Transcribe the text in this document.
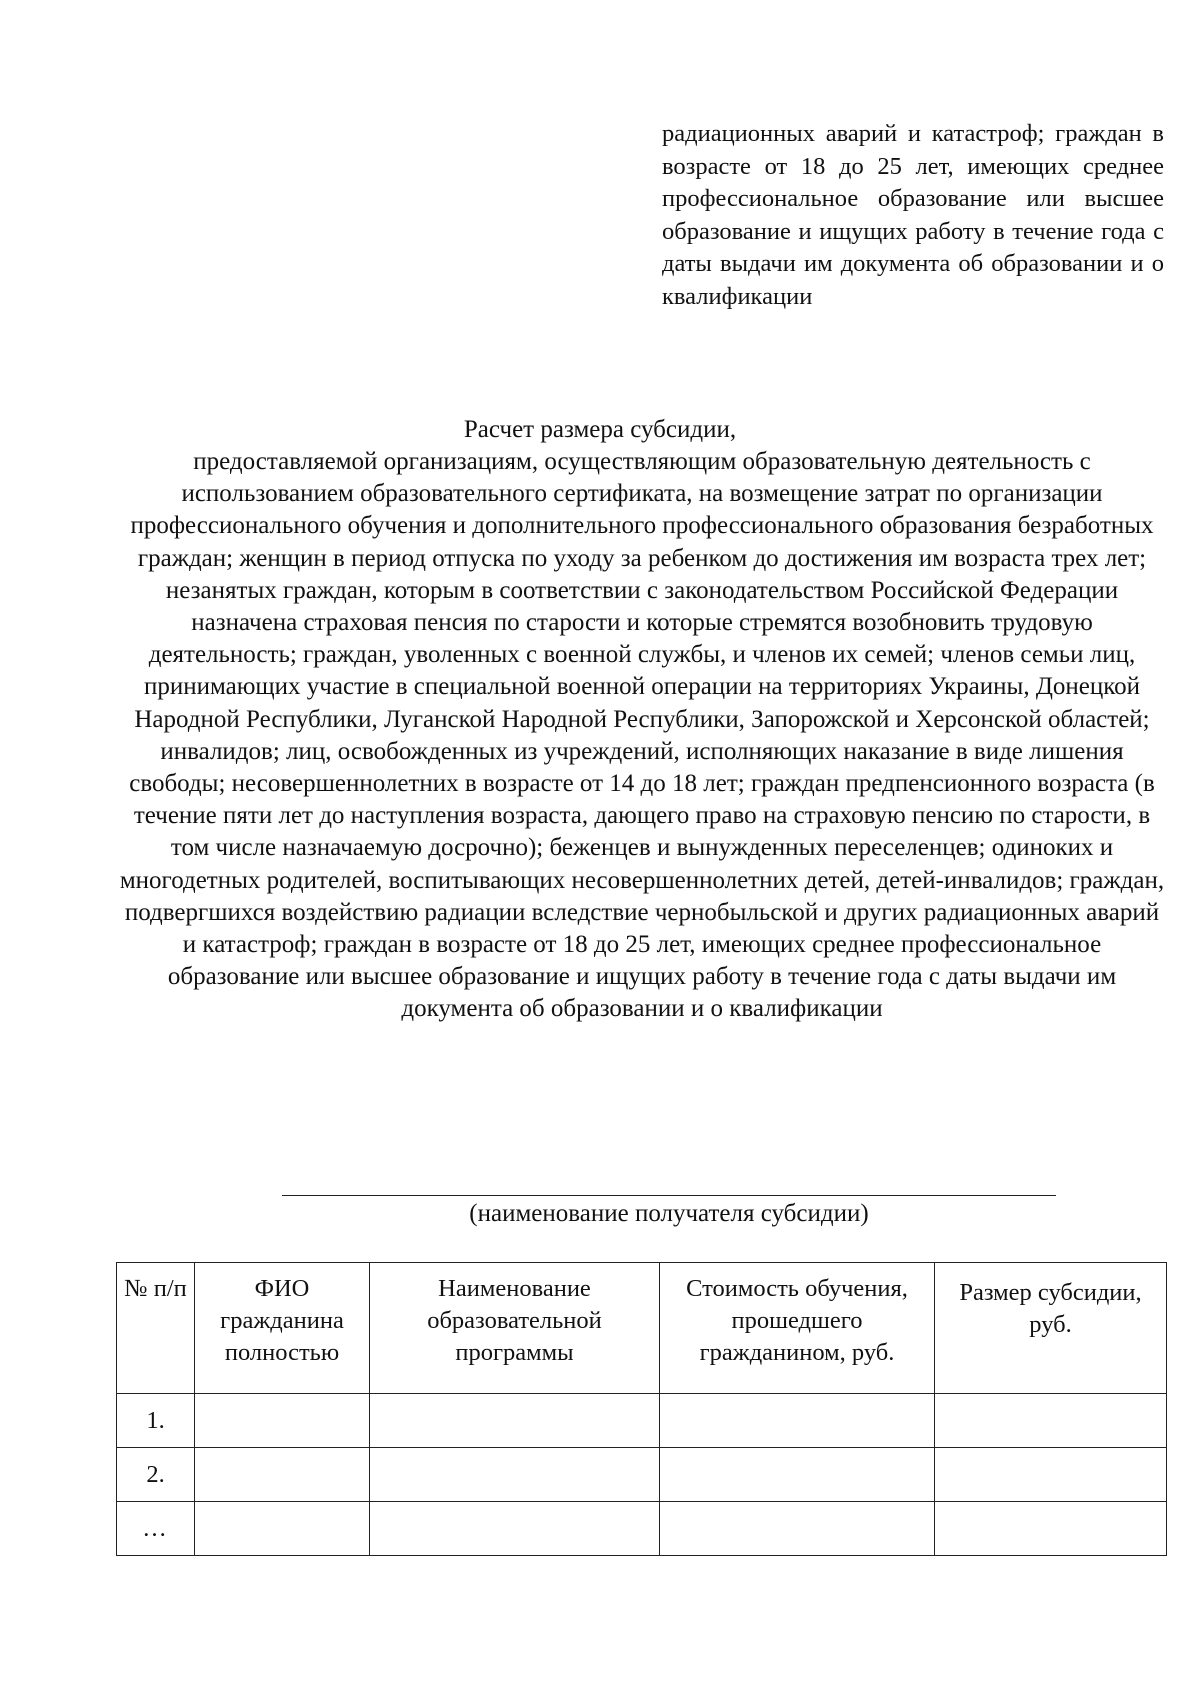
радиационных аварий и катастроф; граждан в возрасте от 18 до 25 лет, имеющих среднее профессиональное образование или высшее образование и ищущих работу в течение года с даты выдачи им документа об образовании и о квалификации
Расчет размера субсидии,

предоставляемой организациям, осуществляющим образовательную деятельность с использованием образовательного сертификата, на возмещение затрат по организации профессионального обучения и дополнительного профессионального образования безработных граждан; женщин в период отпуска по уходу за ребенком до достижения им возраста трех лет; незанятых граждан, которым в соответствии с законодательством Российской Федерации назначена страховая пенсия по старости и которые стремятся возобновить трудовую деятельность; граждан, уволенных с военной службы, и членов их семей; членов семьи лиц, принимающих участие в специальной военной операции на территориях Украины, Донецкой Народной Республики, Луганской Народной Республики, Запорожской и Херсонской областей; инвалидов; лиц, освобожденных из учреждений, исполняющих наказание в виде лишения свободы; несовершеннолетних в возрасте от 14 до 18 лет; граждан предпенсионного возраста (в течение пяти лет до наступления возраста, дающего право на страховую пенсию по старости, в том числе назначаемую досрочно); беженцев и вынужденных переселенцев; одиноких и многодетных родителей, воспитывающих несовершеннолетних детей, детей-инвалидов; граждан, подвергшихся воздействию радиации вследствие чернобыльской и других радиационных аварий и катастроф; граждан в возрасте от 18 до 25 лет, имеющих среднее профессиональное образование или высшее образование и ищущих работу в течение года с даты выдачи им документа об образовании и о квалификации

(наименование получателя субсидии)
№ п/п	ФИО гражданина полностью	Наименование образовательной программы	Стоимость обучения, прошедшего гражданином, руб.	Размер субсидии, руб.
1.				
2.				
…				
